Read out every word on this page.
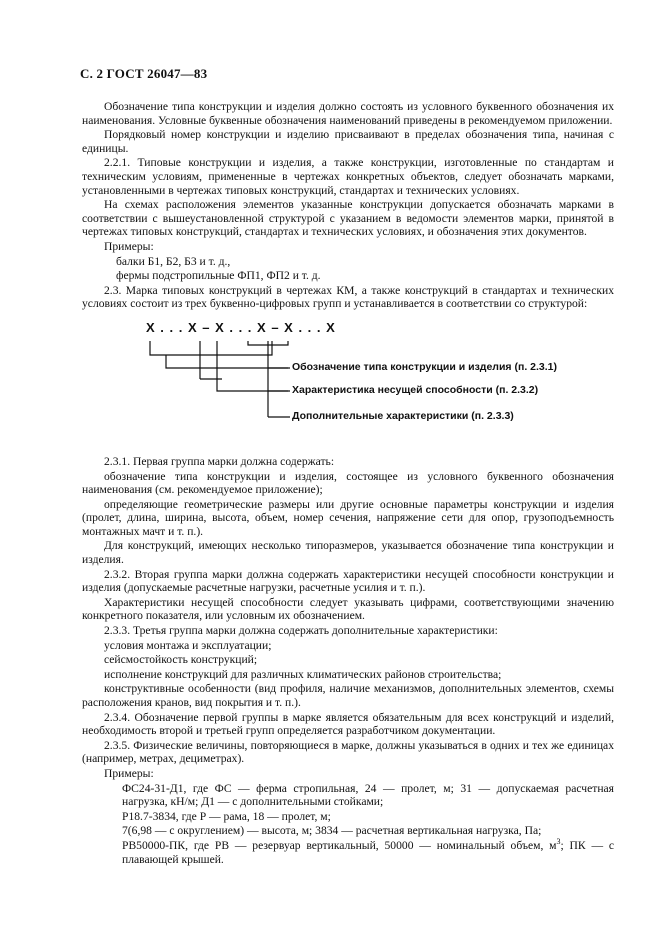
С. 2 ГОСТ 26047—83

Обозначение типа конструкции и изделия должно состоять из условного буквенного обозначения их наименования. Условные буквенные обозначения наименований приведены в рекомендуемом приложении.

Порядковый номер конструкции и изделию присваивают в пределах обозначения типа, начиная с единицы.

2.2.1. Типовые конструкции и изделия, а также конструкции, изготовленные по стандартам и техническим условиям, примененные в чертежах конкретных объектов, следует обозначать марками, установленными в чертежах типовых конструкций, стандартах и технических условиях.

На схемах расположения элементов указанные конструкции допускается обозначать марками в соответствии с вышеустановленной структурой с указанием в ведомости элементов марки, принятой в чертежах типовых конструкций, стандартах и технических условиях, и обозначения этих документов.

Примеры:

балки Б1, Б2, Б3 и т. д.,

фермы подстропильные ФП1, ФП2 и т. д.

2.3. Марка типовых конструкций в чертежах КМ, а также конструкций в стандартах и технических условиях состоит из трех буквенно-цифровых групп и устанавливается в соответствии со структурой:

Х . . . Х – Х . . . Х – Х . . . Х
Обозначение типа конструкции и изделия (п. 2.3.1)
Характеристика несущей способности (п. 2.3.2)
Дополнительные характеристики (п. 2.3.3)

2.3.1. Первая группа марки должна содержать:

обозначение типа конструкции и изделия, состоящее из условного буквенного обозначения наименования (см. рекомендуемое приложение);

определяющие геометрические размеры или другие основные параметры конструкции и изделия (пролет, длина, ширина, высота, объем, номер сечения, напряжение сети для опор, грузоподъемность монтажных мачт и т. п.).

Для конструкций, имеющих несколько типоразмеров, указывается обозначение типа конструкции и изделия.

2.3.2. Вторая группа марки должна содержать характеристики несущей способности конструкции и изделия (допускаемые расчетные нагрузки, расчетные усилия и т. п.).

Характеристики несущей способности следует указывать цифрами, соответствующими значению конкретного показателя, или условным их обозначением.

2.3.3. Третья группа марки должна содержать дополнительные характеристики:

условия монтажа и эксплуатации;

сейсмостойкость конструкций;

исполнение конструкций для различных климатических районов строительства;

конструктивные особенности (вид профиля, наличие механизмов, дополнительных элементов, схемы расположения кранов, вид покрытия и т. п.).

2.3.4. Обозначение первой группы в марке является обязательным для всех конструкций и изделий, необходимость второй и третьей групп определяется разработчиком документации.

2.3.5. Физические величины, повторяющиеся в марке, должны указываться в одних и тех же единицах (например, метрах, дециметрах).

Примеры:

ФС24-31-Д1, где ФС — ферма стропильная, 24 — пролет, м; 31 — допускаемая расчетная нагрузка, кН/м; Д1 — с дополнительными стойками;

Р18.7-3834, где Р — рама, 18 — пролет, м;

7(6,98 — с округлением) — высота, м; 3834 — расчетная вертикальная нагрузка, Па;

РВ50000-ПК, где РВ — резервуар вертикальный, 50000 — номинальный объем, $м^3$; ПК — с плавающей крышей.
